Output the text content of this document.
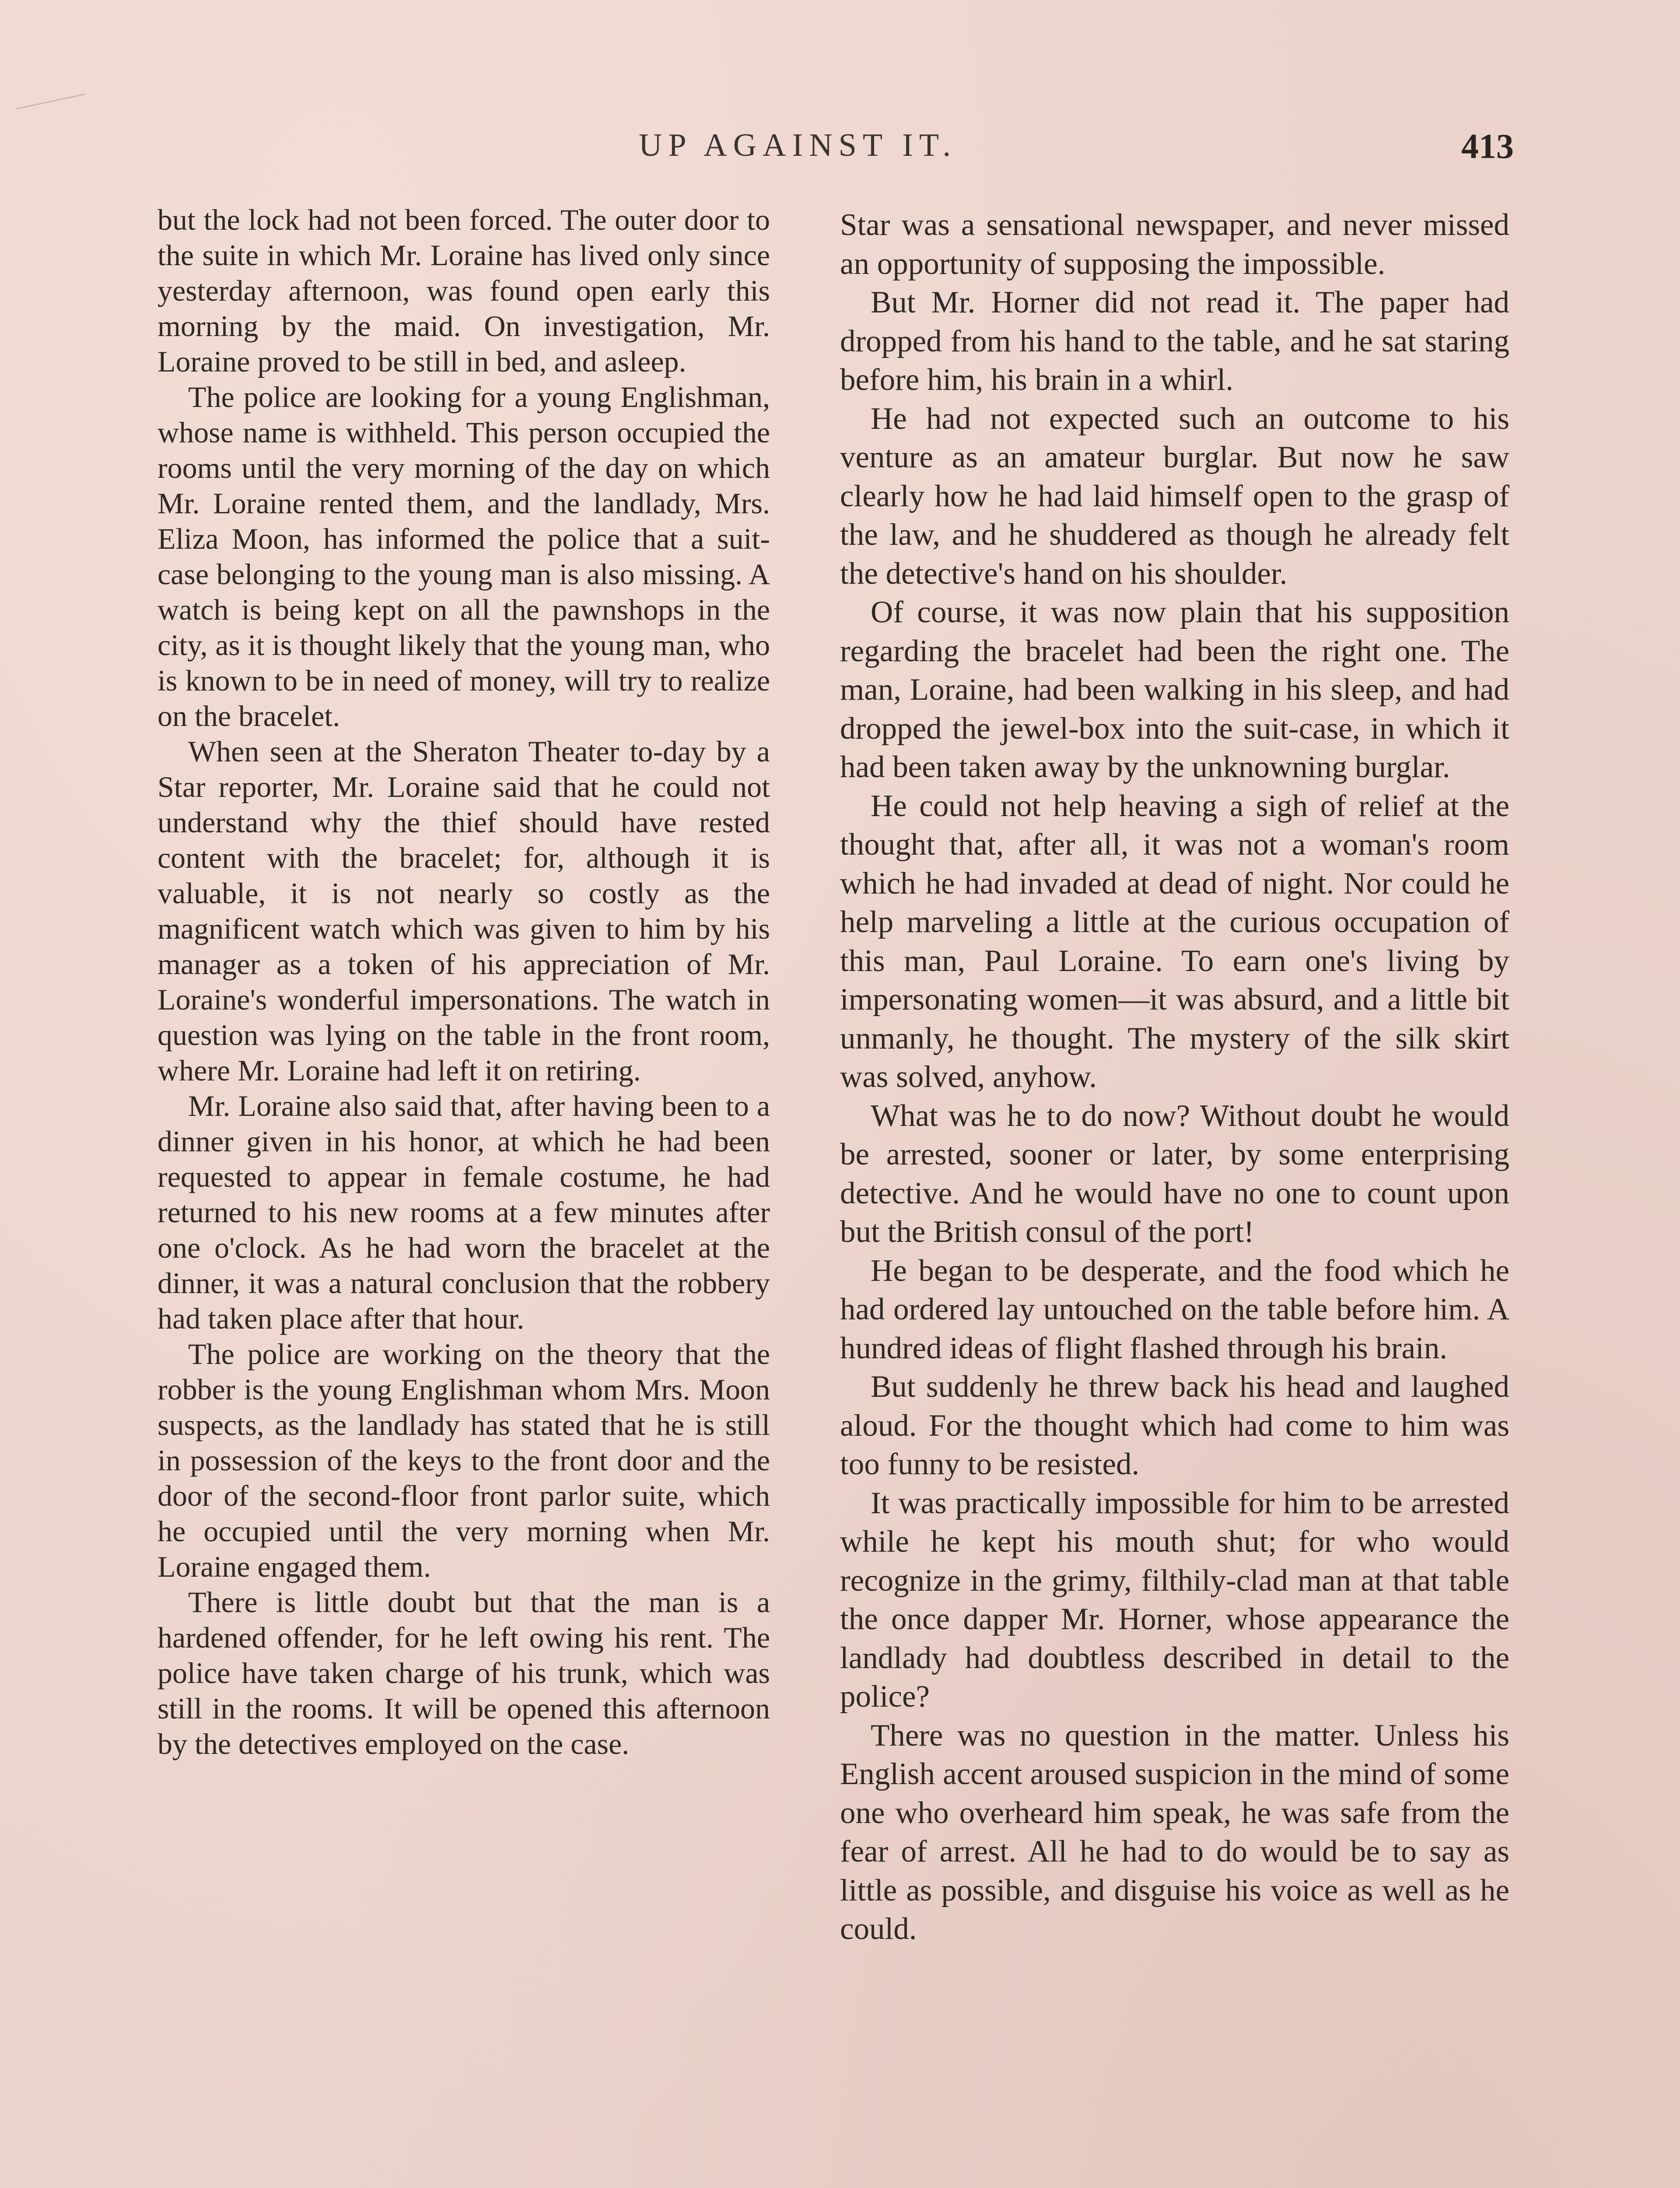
UP AGAINST IT.	413

but the lock had not been forced. The outer door to the suite in which Mr. Loraine has lived only since yesterday afternoon, was found open early this morning by the maid. On investigation, Mr. Loraine proved to be still in bed, and asleep.

The police are looking for a young Englishman, whose name is withheld. This person occupied the rooms until the very morning of the day on which Mr. Loraine rented them, and the landlady, Mrs. Eliza Moon, has informed the police that a suit-case belonging to the young man is also missing. A watch is being kept on all the pawnshops in the city, as it is thought likely that the young man, who is known to be in need of money, will try to realize on the bracelet.

When seen at the Sheraton Theater to-day by a Star reporter, Mr. Loraine said that he could not understand why the thief should have rested content with the bracelet; for, although it is valuable, it is not nearly so costly as the magnificent watch which was given to him by his manager as a token of his appreciation of Mr. Loraine's wonderful impersonations. The watch in question was lying on the table in the front room, where Mr. Loraine had left it on retiring.

Mr. Loraine also said that, after having been to a dinner given in his honor, at which he had been requested to appear in female costume, he had returned to his new rooms at a few minutes after one o'clock. As he had worn the bracelet at the dinner, it was a natural conclusion that the robbery had taken place after that hour.

The police are working on the theory that the robber is the young Englishman whom Mrs. Moon suspects, as the landlady has stated that he is still in possession of the keys to the front door and the door of the second-floor front parlor suite, which he occupied until the very morning when Mr. Loraine engaged them.

There is little doubt but that the man is a hardened offender, for he left owing his rent. The police have taken charge of his trunk, which was still in the rooms. It will be opened this afternoon by the detectives employed on the case.

Star was a sensational newspaper, and never missed an opportunity of supposing the impossible.

But Mr. Horner did not read it. The paper had dropped from his hand to the table, and he sat staring before him, his brain in a whirl.

He had not expected such an outcome to his venture as an amateur burglar. But now he saw clearly how he had laid himself open to the grasp of the law, and he shuddered as though he already felt the detective's hand on his shoulder.

Of course, it was now plain that his supposition regarding the bracelet had been the right one. The man, Loraine, had been walking in his sleep, and had dropped the jewel-box into the suit-case, in which it had been taken away by the unknowning burglar.

He could not help heaving a sigh of relief at the thought that, after all, it was not a woman's room which he had invaded at dead of night. Nor could he help marveling a little at the curious occupation of this man, Paul Loraine. To earn one's living by impersonating women—it was absurd, and a little bit unmanly, he thought. The mystery of the silk skirt was solved, anyhow.

What was he to do now? Without doubt he would be arrested, sooner or later, by some enterprising detective. And he would have no one to count upon but the British consul of the port!

He began to be desperate, and the food which he had ordered lay untouched on the table before him. A hundred ideas of flight flashed through his brain.

But suddenly he threw back his head and laughed aloud. For the thought which had come to him was too funny to be resisted.

It was practically impossible for him to be arrested while he kept his mouth shut; for who would recognize in the grimy, filthily-clad man at that table the once dapper Mr. Horner, whose appearance the landlady had doubtless described in detail to the police?

There was no question in the matter. Unless his English accent aroused suspicion in the mind of some one who overheard him speak, he was safe from the fear of arrest. All he had to do would be to say as little as possible, and disguise his voice as well as he could.
